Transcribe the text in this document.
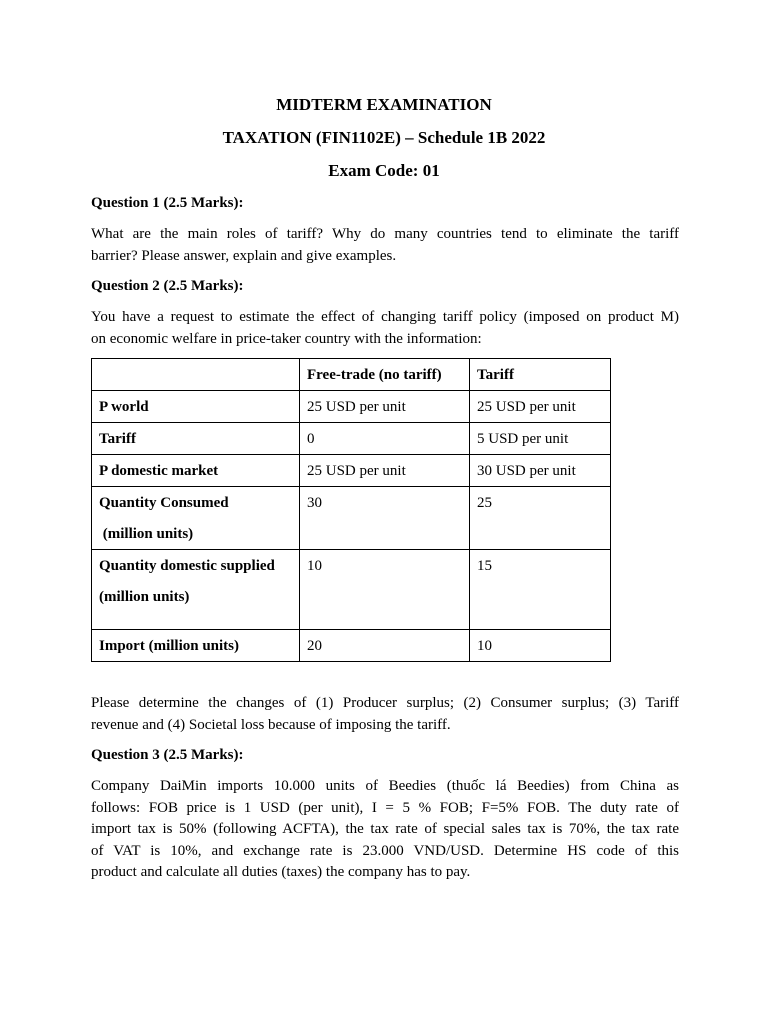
MIDTERM EXAMINATION
TAXATION (FIN1102E) – Schedule 1B 2022
Exam Code: 01
Question 1 (2.5 Marks):
What are the main roles of tariff? Why do many countries tend to eliminate the tariff
barrier? Please answer, explain and give examples.
Question 2 (2.5 Marks):
You have a request to estimate the effect of changing tariff policy (imposed on product M)
on economic welfare in price-taker country with the information:
	Free-trade (no tariff)	Tariff
P world	25 USD per unit	25 USD per unit
Tariff	0	5 USD per unit
P domestic market	25 USD per unit	30 USD per unit
Quantity Consumed
(million units)	30	25
Quantity domestic supplied
(million units)	10	15
Import (million units)	20	10
Please determine the changes of (1) Producer surplus; (2) Consumer surplus; (3) Tariff
revenue and (4) Societal loss because of imposing the tariff.
Question 3 (2.5 Marks):
Company DaiMin imports 10.000 units of Beedies (thuốc lá Beedies) from China as
follows: FOB price is 1 USD (per unit), I = 5 % FOB; F=5% FOB. The duty rate of
import tax is 50% (following ACFTA), the tax rate of special sales tax is 70%, the tax rate
of VAT is 10%, and exchange rate is 23.000 VND/USD. Determine HS code of this
product and calculate all duties (taxes) the company has to pay.
